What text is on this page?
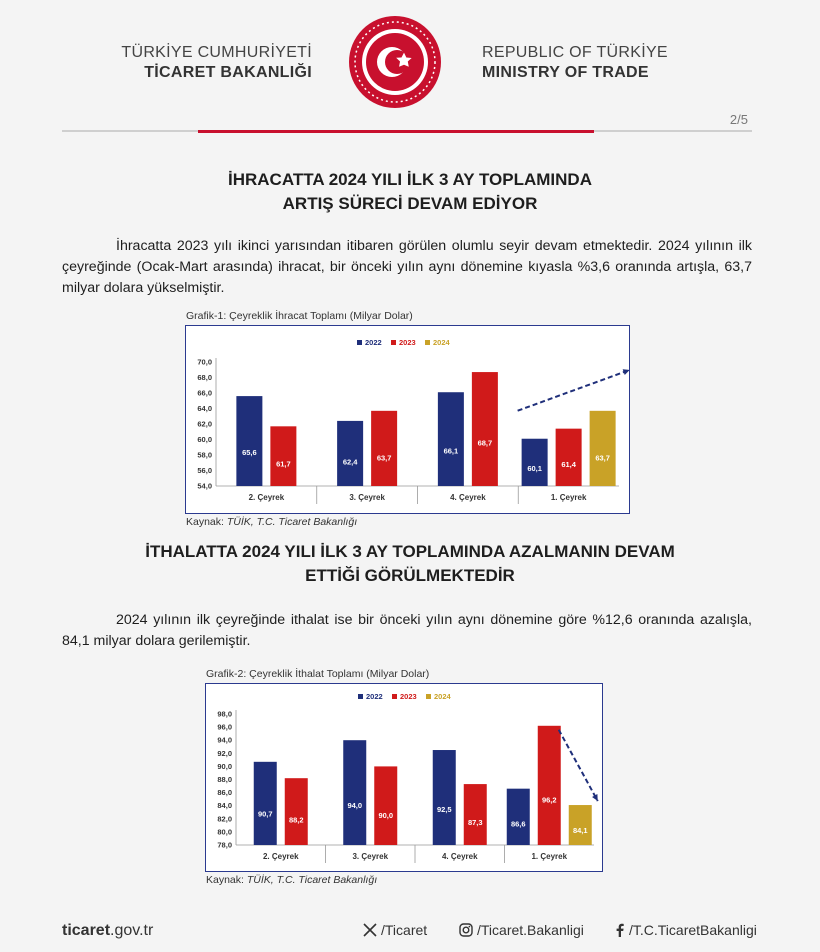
TÜRKİYE CUMHURİYETİ
TİCARET BAKANLIĞI
REPUBLIC OF TÜRKİYE
MINISTRY OF TRADE
2/5
İHRACATTA 2024 YILI İLK 3 AY TOPLAMINDA
ARTIŞ SÜRECİ DEVAM EDİYOR
İhracatta 2023 yılı ikinci yarısından itibaren görülen olumlu seyir devam etmektedir. 2024 yılının ilk çeyreğinde (Ocak-Mart arasında) ihracat, bir önceki yılın aynı dönemine kıyasla %3,6 oranında artışla, 63,7 milyar dolara yükselmiştir.
Grafik-1: Çeyreklik İhracat Toplamı (Milyar Dolar)
2022 2023 2024
54,0
56,0
58,0
60,0
62,0
64,0
66,0
68,0
70,0
65,6
61,7
2. Çeyrek
62,4	63,7
3. Çeyrek
66,1
68,7
4. Çeyrek
60,1	61,4
63,7
1. Çeyrek
Kaynak: TÜİK, T.C. Ticaret Bakanlığı
İTHALATTA 2024 YILI İLK 3 AY TOPLAMINDA AZALMANIN DEVAM
ETTİĞİ GÖRÜLMEKTEDİR
2024 yılının ilk çeyreğinde ithalat ise bir önceki yılın aynı dönemine göre %12,6 oranında azalışla, 84,1 milyar dolara gerilemiştir.
Grafik-2: Çeyreklik İthalat Toplamı (Milyar Dolar)
2022 2023 2024
78,0
80,0
82,0
84,0
86,0
88,0
90,0
92,0
94,0
96,0
98,0
90,7
88,2
2. Çeyrek
94,0
90,0
3. Çeyrek
92,5
87,3
4. Çeyrek
86,6
96,2
84,1
1. Çeyrek
Kaynak: TÜİK, T.C. Ticaret Bakanlığı
ticaret.gov.tr	/Ticaret	/Ticaret.Bakanligi	/T.C.TicaretBakanligi
